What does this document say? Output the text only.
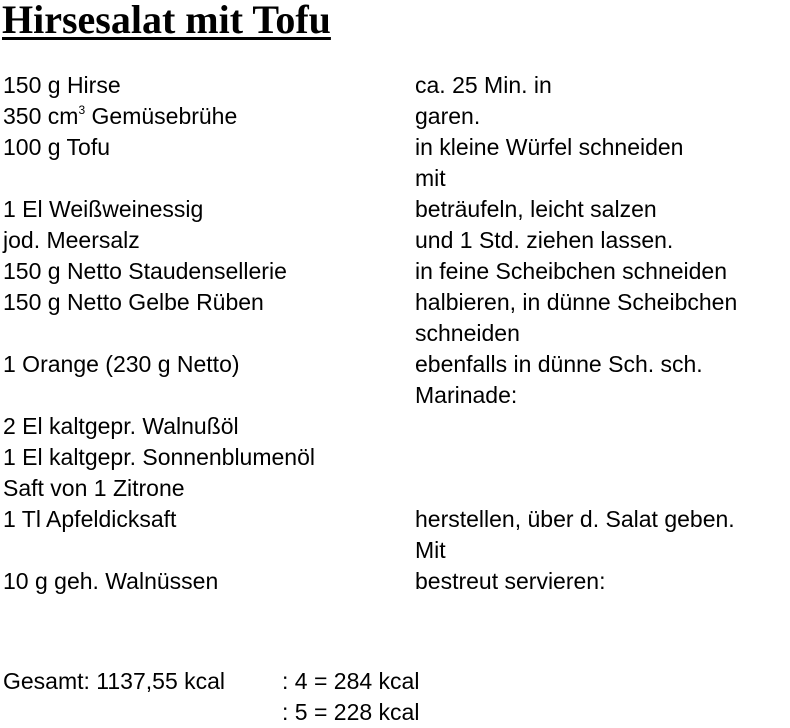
Hirsesalat mit Tofu
150 g Hirse
350 $cm^3$ Gemüsebrühe
100 g Tofu
1 El Weißweinessig
jod. Meersalz
150 g Netto Staudensellerie
150 g Netto Gelbe Rüben
1 Orange (230 g Netto)
2 El kaltgepr. Walnußöl
1 El kaltgepr. Sonnenblumenöl
Saft von 1 Zitrone
1 Tl Apfeldicksaft
10 g geh. Walnüssen
ca. 25 Min. in
garen.
in kleine Würfel schneiden
mit
beträufeln, leicht salzen
und 1 Std. ziehen lassen.
in feine Scheibchen schneiden
halbieren, in dünne Scheibchen
schneiden
ebenfalls in dünne Sch. sch.
Marinade:
herstellen, über d. Salat geben.
Mit
bestreut servieren:
Gesamt: 1137,55 kcal	: 4 = 284 kcal
: 5 = 228 kcal
